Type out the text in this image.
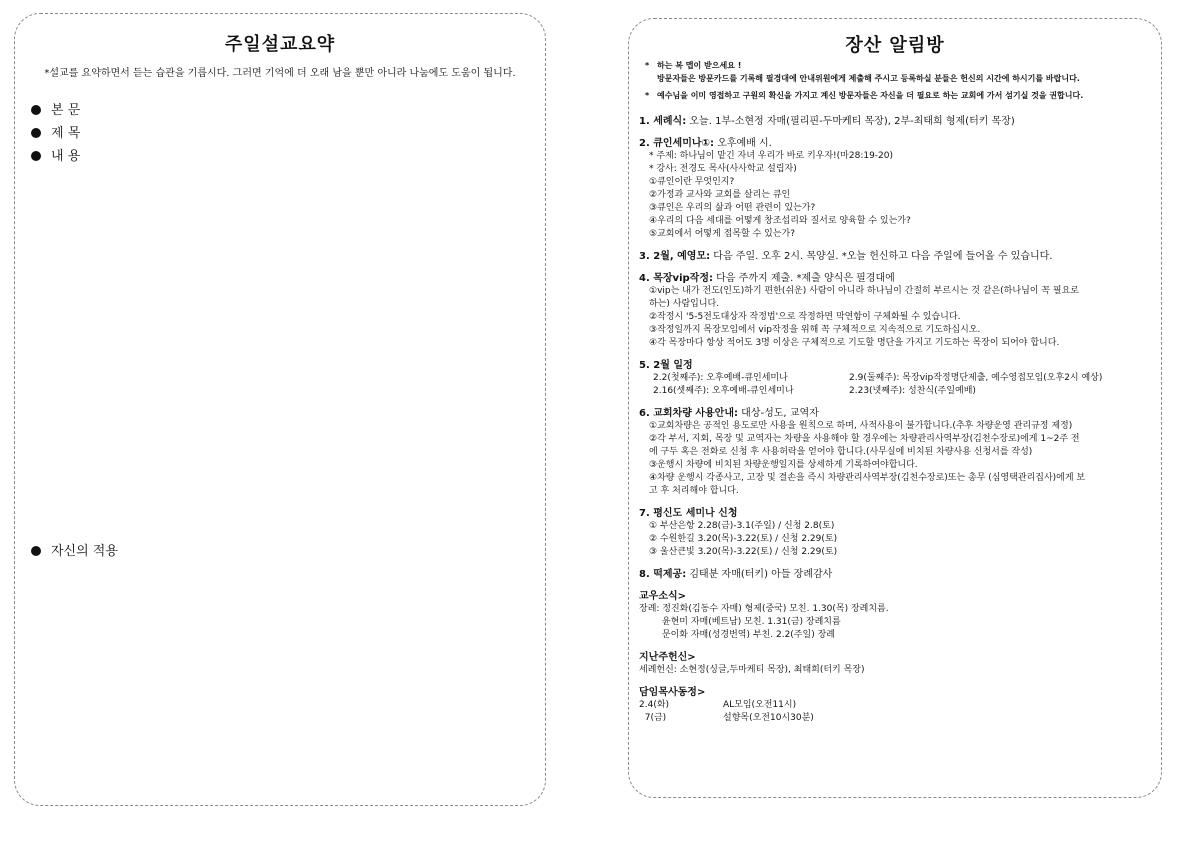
주일설교요약
*설교를 요약하면서 듣는 습관을 기릅시다. 그러면 기억에 더 오래 남을 뿐만 아니라 나눔에도 도움이 됩니다.
본 문
제 목
내 용
자신의 적용
장산 알림방
* 하는 복 맵이 받으세요 !
방문자들은 방문카드를 기록해 필경대에 안내위원에게 제출해 주시고 등록하실 분들은 헌신의 시간에 하시기를 바랍니다.
* 예수님을 이미 영접하고 구원의 확신을 가지고 계신 방문자들은 자신을 더 필요로 하는 교회에 가서 섬기실 것을 권합니다.
1. 세례식: 오늘. 1부-소현정 자매(필리핀-두마케티 목장), 2부-최태희 형제(터키 목장)
2. 큐인세미나①: 오후예배 시.
* 주제: 하나님이 맡긴 자녀 우리가 바로 키우자!(마28:19-20)
* 강사: 전경도 목사(사사학교 설립자)
①큐인이란 무엇인지?
②가정과 교사와 교회를 살리는 큐인
③큐인은 우리의 삶과 어떤 관련이 있는가?
④우리의 다음 세대를 어떻게 창조섭리와 질서로 양육할 수 있는가?
⑤교회에서 어떻게 접목할 수 있는가?
3. 2월, 예영모: 다음 주일. 오후 2시. 목양실. *오늘 헌신하고 다음 주일에 들어올 수 있습니다.
4. 목장vip작정: 다음 주까지 제출. *제출 양식은 필경대에
①vip는 내가 전도(인도)하기 편한(쉬운) 사람이 아니라 하나님이 간절히 부르시는 것 같은(하나님이 꼭 필요로
하는) 사람입니다.
②작정시 '5-5전도대상자 작정법'으로 작정하면 막연함이 구체화될 수 있습니다.
③작정일까지 목장모임에서 vip작정을 위해 꼭 구체적으로 지속적으로 기도하십시오.
④각 목장마다 항상 적어도 3명 이상은 구체적으로 기도할 명단을 가지고 기도하는 목장이 되어야 합니다.
5. 2월 일정
2.2(첫째주): 오후예배-큐인세미나	2.9(둘째주): 목장vip작정명단제출, 예수영접모임(오후2시 예상)
2.16(셋째주): 오후예배-큐인세미나	2.23(넷째주): 성찬식(주일예배)
6. 교회차량 사용안내: 대상-성도, 교역자
①교회차량은 공적인 용도로만 사용을 원칙으로 하며, 사적사용이 불가합니다.(추후 차량운영 관리규정 제정)
②각 부서, 지회, 목장 및 교역자는 차량을 사용해야 할 경우에는 차량관리사역부장(김천수장로)에게 1~2주 전
에 구두 혹은 전화로 신청 후 사용허락을 얻어야 합니다.(사무실에 비치된 차량사용 신청서를 작성)
③운행시 차량에 비치된 차량운행일지를 상세하게 기록하여야합니다.
④차량 운행시 각종사고, 고장 및 결손을 즉시 차량관리사역부장(김천수장로)또는 총무 (심영택관리집사)에게 보
고 후 처리해야 합니다.
7. 평신도 세미나 신청
① 부산은항 2.28(금)-3.1(주일) / 신청 2.8(토)
② 수원한길 3.20(목)-3.22(토) / 신청 2.29(토)
③ 울산큰빛 3.20(목)-3.22(토) / 신청 2.29(토)
8. 떡제공: 김태분 자매(터키) 아들 장례감사
교우소식>
장례: 정진화(김동수 자매) 형제(중국) 모친. 1.30(목) 장례치름.
윤현미 자매(베트남) 모친. 1.31(금) 장례치름
문이화 자매(성경번역) 부친. 2.2(주일) 장례
지난주헌신>
세례헌신: 소현정(싱글,두마케티 목장), 최태희(터키 목장)
담임목사동정>
2.4(화)	AL모임(오전11시)
7(금)	설향목(오전10시30분)
